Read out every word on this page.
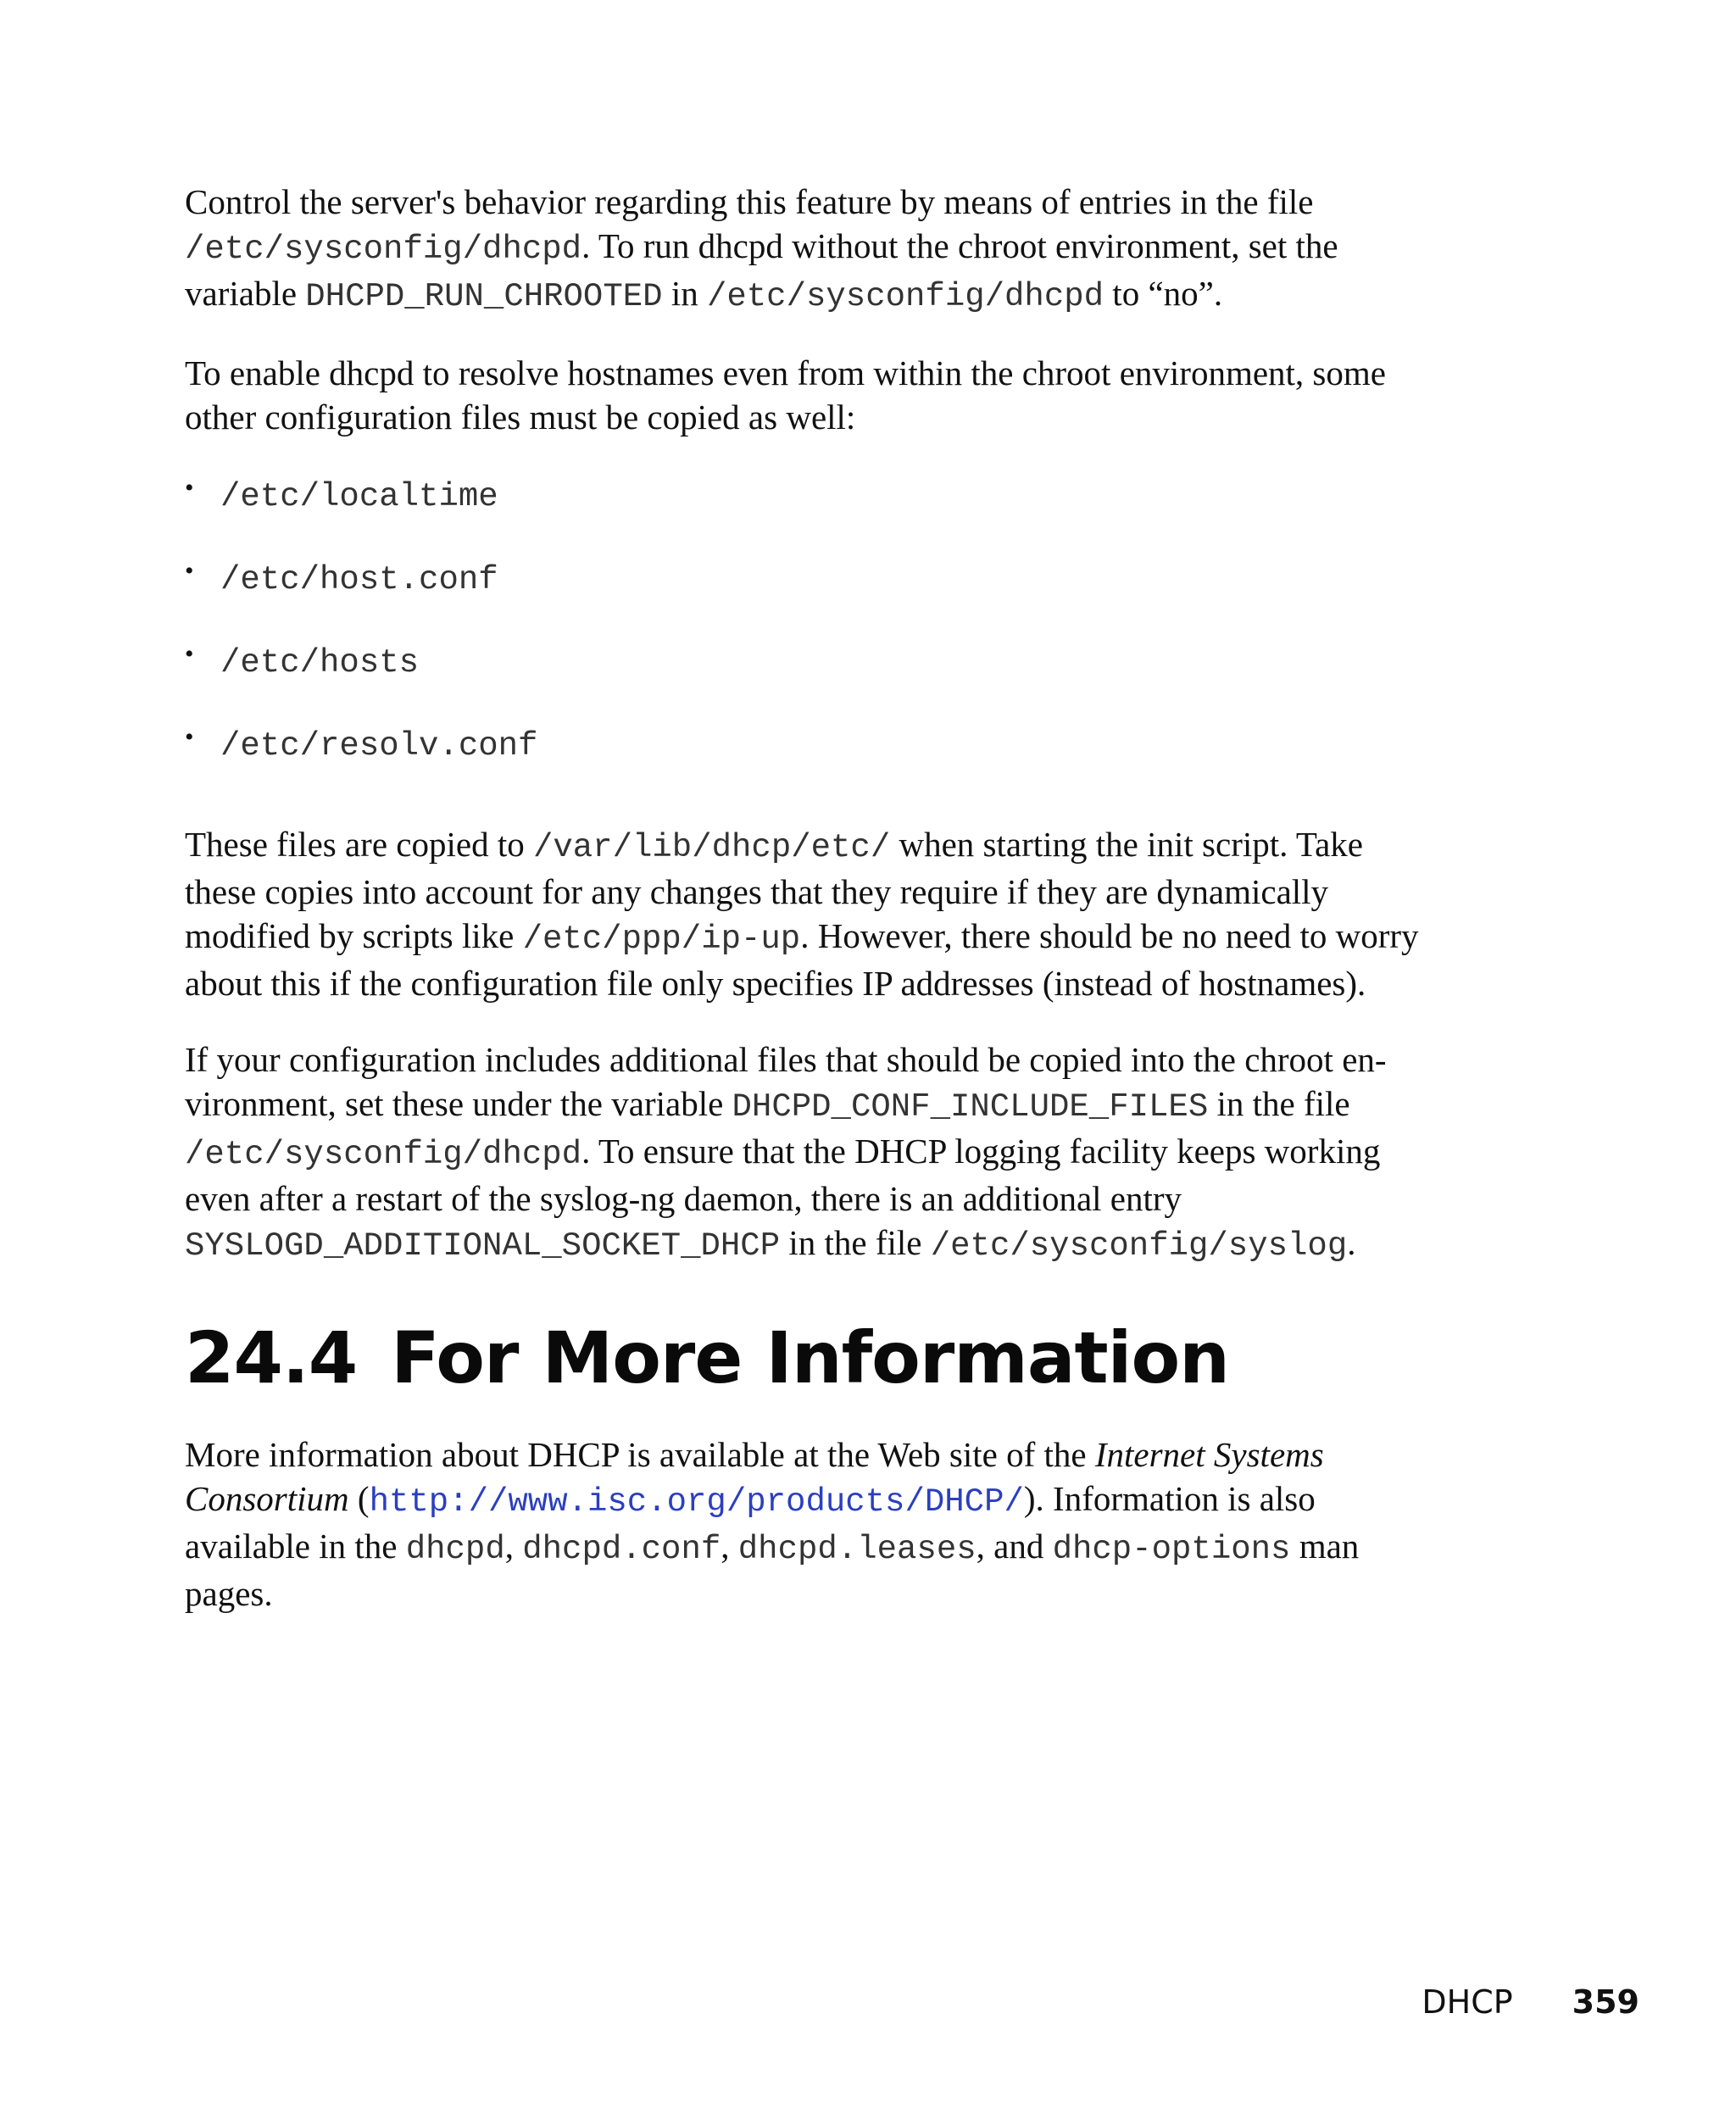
Control the server's behavior regarding this feature by means of entries in the file /etc/sysconfig/dhcpd. To run dhcpd without the chroot environment, set the variable DHCPD_RUN_CHROOTED in /etc/sysconfig/dhcpd to “no”.

To enable dhcpd to resolve hostnames even from within the chroot environment, some other configuration files must be copied as well:

• /etc/localtime
• /etc/host.conf
• /etc/hosts
• /etc/resolv.conf

These files are copied to /var/lib/dhcp/etc/ when starting the init script. Take these copies into account for any changes that they require if they are dynamically modified by scripts like /etc/ppp/ip-up. However, there should be no need to worry about this if the configuration file only specifies IP addresses (instead of hostnames).

If your configuration includes additional files that should be copied into the chroot environment, set these under the variable DHCPD_CONF_INCLUDE_FILES in the file /etc/sysconfig/dhcpd. To ensure that the DHCP logging facility keeps working even after a restart of the syslog-ng daemon, there is an additional entry SYSLOGD_ADDITIONAL_SOCKET_DHCP in the file /etc/sysconfig/syslog.

24.4 For More Information

More information about DHCP is available at the Web site of the Internet Systems Consortium (http://www.isc.org/products/DHCP/). Information is also available in the dhcpd, dhcpd.conf, dhcpd.leases, and dhcp-options man pages.

DHCP 359
